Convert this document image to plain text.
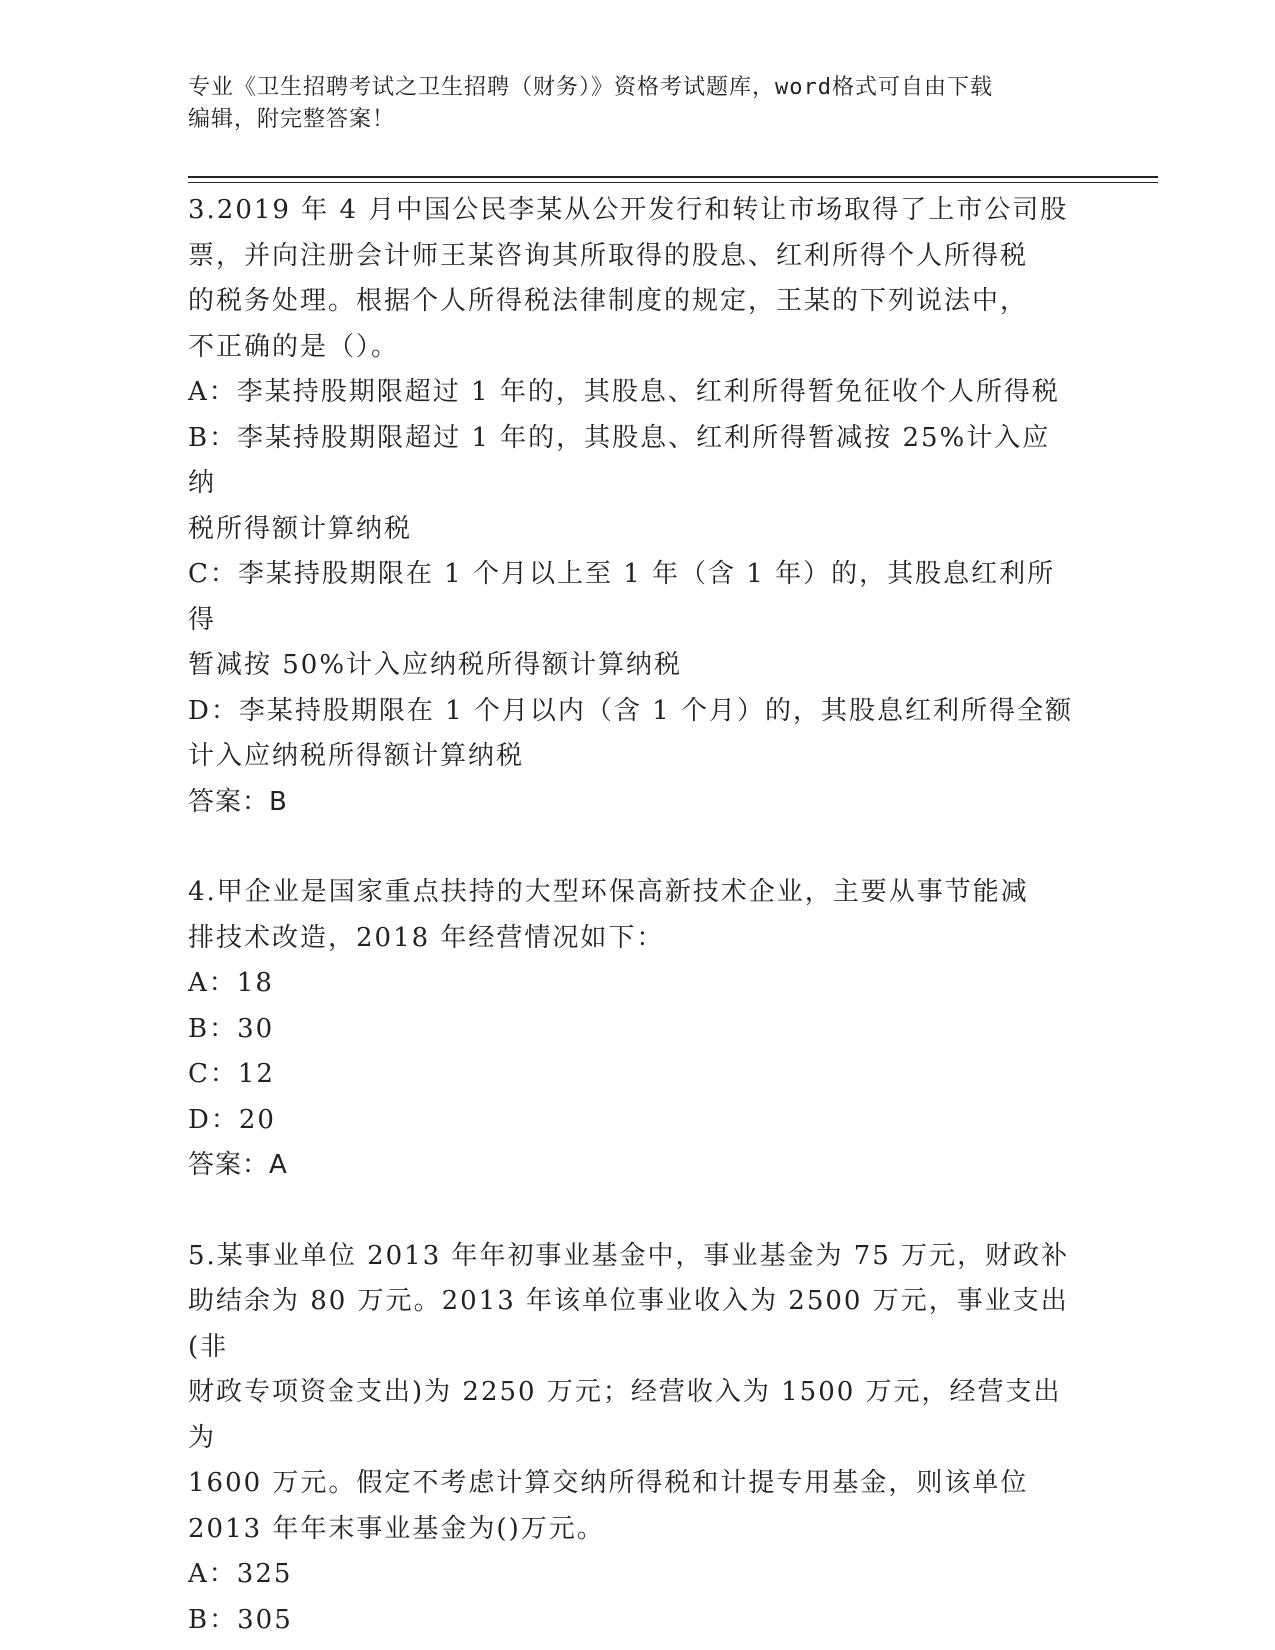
专业《卫生招聘考试之卫生招聘（财务）》资格考试题库，word格式可自由下载
编辑，附完整答案！

3.2019 年 4 月中国公民李某从公开发行和转让市场取得了上市公司股

票，并向注册会计师王某咨询其所取得的股息、红利所得个人所得税

的税务处理。根据个人所得税法律制度的规定，王某的下列说法中，

不正确的是（）。

A：李某持股期限超过 1 年的，其股息、红利所得暂免征收个人所得税

B：李某持股期限超过 1 年的，其股息、红利所得暂减按 25%计入应纳

税所得额计算纳税

C：李某持股期限在 1 个月以上至 1 年（含 1 年）的，其股息红利所得

暂减按 50%计入应纳税所得额计算纳税

D：李某持股期限在 1 个月以内（含 1 个月）的，其股息红利所得全额

计入应纳税所得额计算纳税

答案：B

4.甲企业是国家重点扶持的大型环保高新技术企业，主要从事节能减

排技术改造，2018 年经营情况如下：

A：18

B：30

C：12

D：20

答案：A

5.某事业单位 2013 年年初事业基金中，事业基金为 75 万元，财政补

助结余为 80 万元。2013 年该单位事业收入为 2500 万元，事业支出(非

财政专项资金支出)为 2250 万元；经营收入为 1500 万元，经营支出为

1600 万元。假定不考虑计算交纳所得税和计提专用基金，则该单位

2013 年年末事业基金为()万元。

A：325

B：305
